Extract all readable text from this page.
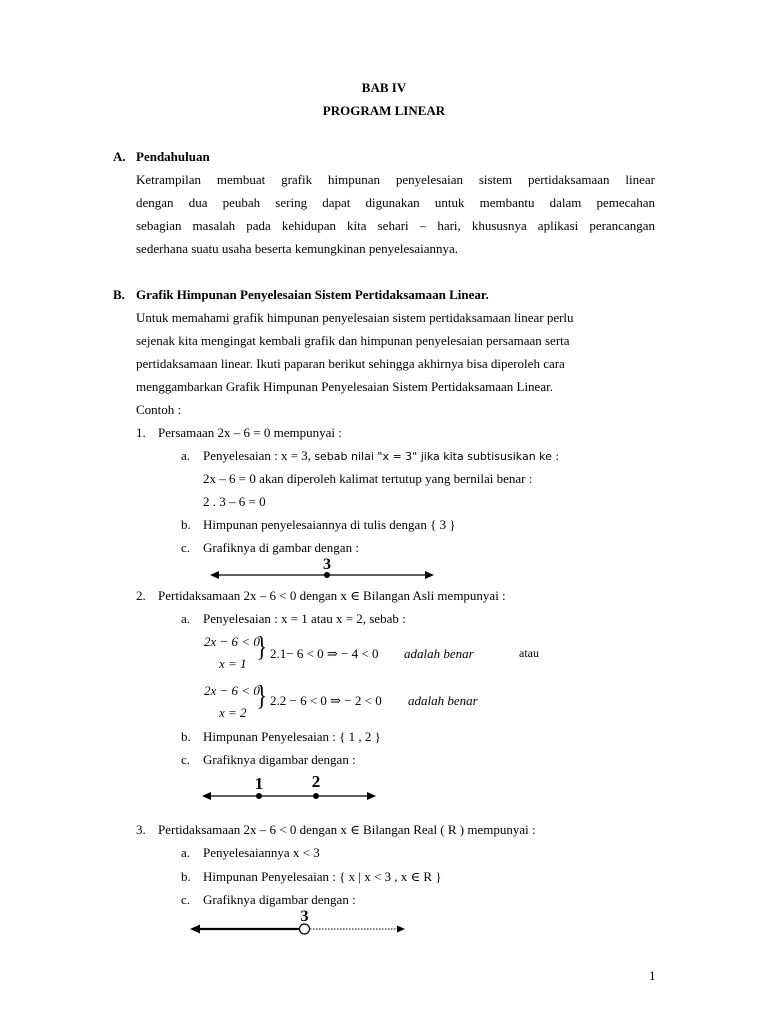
BAB IV
PROGRAM LINEAR
A. Pendahuluan
Ketrampilan membuat grafik himpunan penyelesaian sistem pertidaksamaan linear
dengan dua peubah sering dapat digunakan untuk membantu dalam pemecahan
sebagian masalah pada kehidupan kita sehari – hari, khususnya aplikasi perancangan
sederhana suatu usaha beserta kemungkinan penyelesaiannya.
B. Grafik Himpunan Penyelesaian Sistem Pertidaksamaan Linear.
Untuk memahami grafik himpunan penyelesaian sistem pertidaksamaan linear perlu
sejenak kita mengingat kembali grafik dan himpunan penyelesaian persamaan serta
pertidaksamaan linear. Ikuti paparan berikut sehingga akhirnya bisa diperoleh cara
menggambarkan Grafik Himpunan Penyelesaian Sistem Pertidaksamaan Linear.
Contoh :
1. Persamaan 2x – 6 = 0 mempunyai :
a. Penyelesaian : x = 3, sebab nilai "x = 3" jika kita subtisusikan ke :
2x – 6 = 0 akan diperoleh kalimat tertutup yang bernilai benar :
2 . 3 – 6 = 0
b. Himpunan penyelesaiannya di tulis dengan { 3 }
c. Grafiknya di gambar dengan :
3
2. Pertidaksamaan 2x – 6 < 0 dengan x ∈ Bilangan Asli mempunyai :
a. Penyelesaian : x = 1 atau x = 2, sebab :
2x − 6 < 0
x = 1
} 2.1− 6 < 0 ⇒ − 4 < 0 adalah benar	atau
2x − 6 < 0
x = 2
} 2.2 − 6 < 0 ⇒ − 2 < 0 adalah benar
b. Himpunan Penyelesaian : { 1 , 2 }
c. Grafiknya digambar dengan :
1	2
3. Pertidaksamaan 2x – 6 < 0 dengan x ∈ Bilangan Real ( R ) mempunyai :
a. Penyelesaiannya x < 3
b. Himpunan Penyelesaian : { x | x < 3 , x ∈ R }
c. Grafiknya digambar dengan :
3
1
